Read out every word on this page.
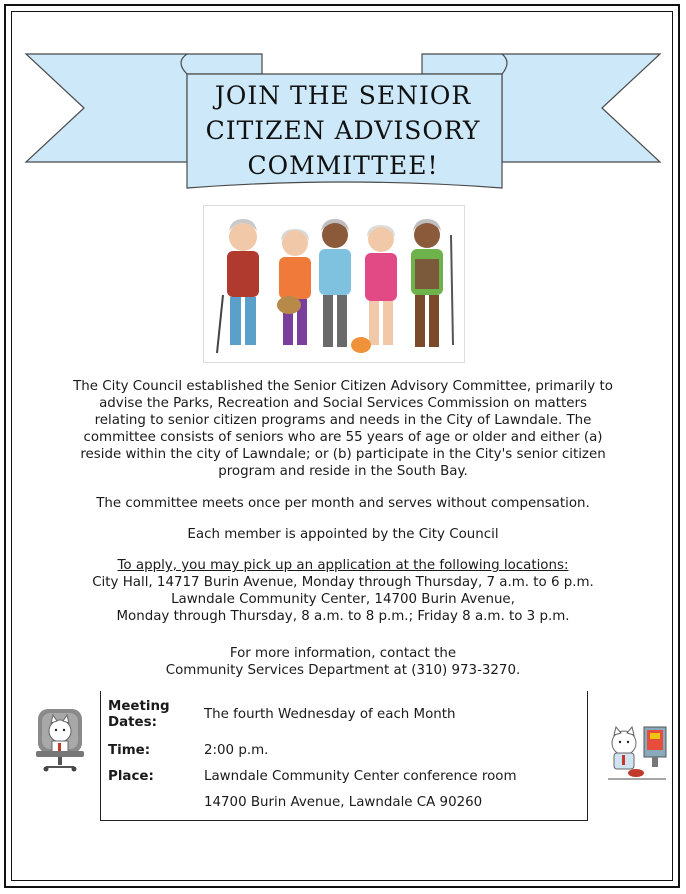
JOIN THE SENIOR
CITIZEN ADVISORY
COMMITTEE!
The City Council established the Senior Citizen Advisory Committee, primarily to
advise the Parks, Recreation and Social Services Commission on matters
relating to senior citizen programs and needs in the City of Lawndale. The
committee consists of seniors who are 55 years of age or older and either (a)
reside within the city of Lawndale; or (b) participate in the City's senior citizen
program and reside in the South Bay.
The committee meets once per month and serves without compensation.
Each member is appointed by the City Council
To apply, you may pick up an application at the following locations:
City Hall, 14717 Burin Avenue, Monday through Thursday, 7 a.m. to 6 p.m.
Lawndale Community Center, 14700 Burin Avenue,
Monday through Thursday, 8 a.m. to 8 p.m.; Friday 8 a.m. to 3 p.m.
For more information, contact the
Community Services Department at (310) 973-3270.
Meeting
Dates:
The fourth Wednesday of each Month
Time:	2:00 p.m.
Place:	Lawndale Community Center conference room
14700 Burin Avenue, Lawndale CA 90260
